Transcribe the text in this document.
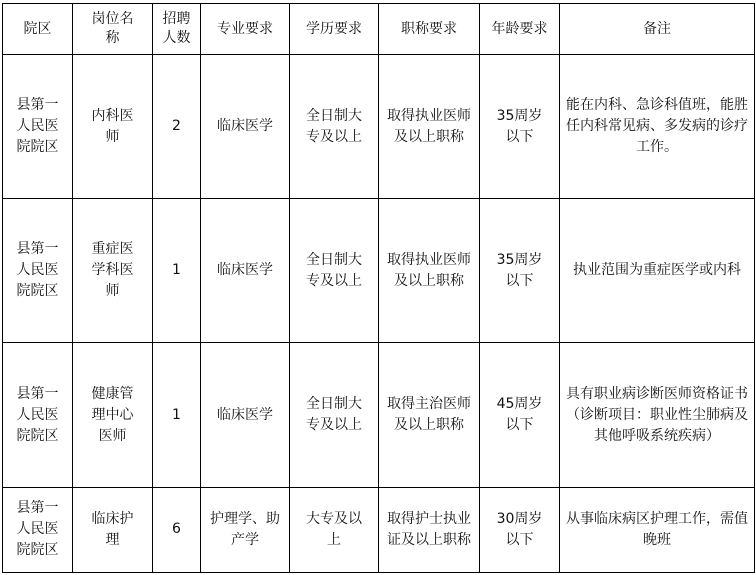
院区	岗位名称	招聘人数	专业要求	学历要求	职称要求	年龄要求	备注
县第一人民医院院区	内科医师	2	临床医学	全日制大专及以上	取得执业医师及以上职称	35周岁以下	能在内科、急诊科值班，能胜任内科常见病、多发病的诊疗工作。
县第一人民医院院区	重症医学科医师	1	临床医学	全日制大专及以上	取得执业医师及以上职称	35周岁以下	执业范围为重症医学或内科
县第一人民医院院区	健康管理中心医师	1	临床医学	全日制大专及以上	取得主治医师及以上职称	45周岁以下	具有职业病诊断医师资格证书（诊断项目：职业性尘肺病及其他呼吸系统疾病）
县第一人民医院院区	临床护理	6	护理学、助产学	大专及以上	取得护士执业证及以上职称	30周岁以下	从事临床病区护理工作，需值晚班
